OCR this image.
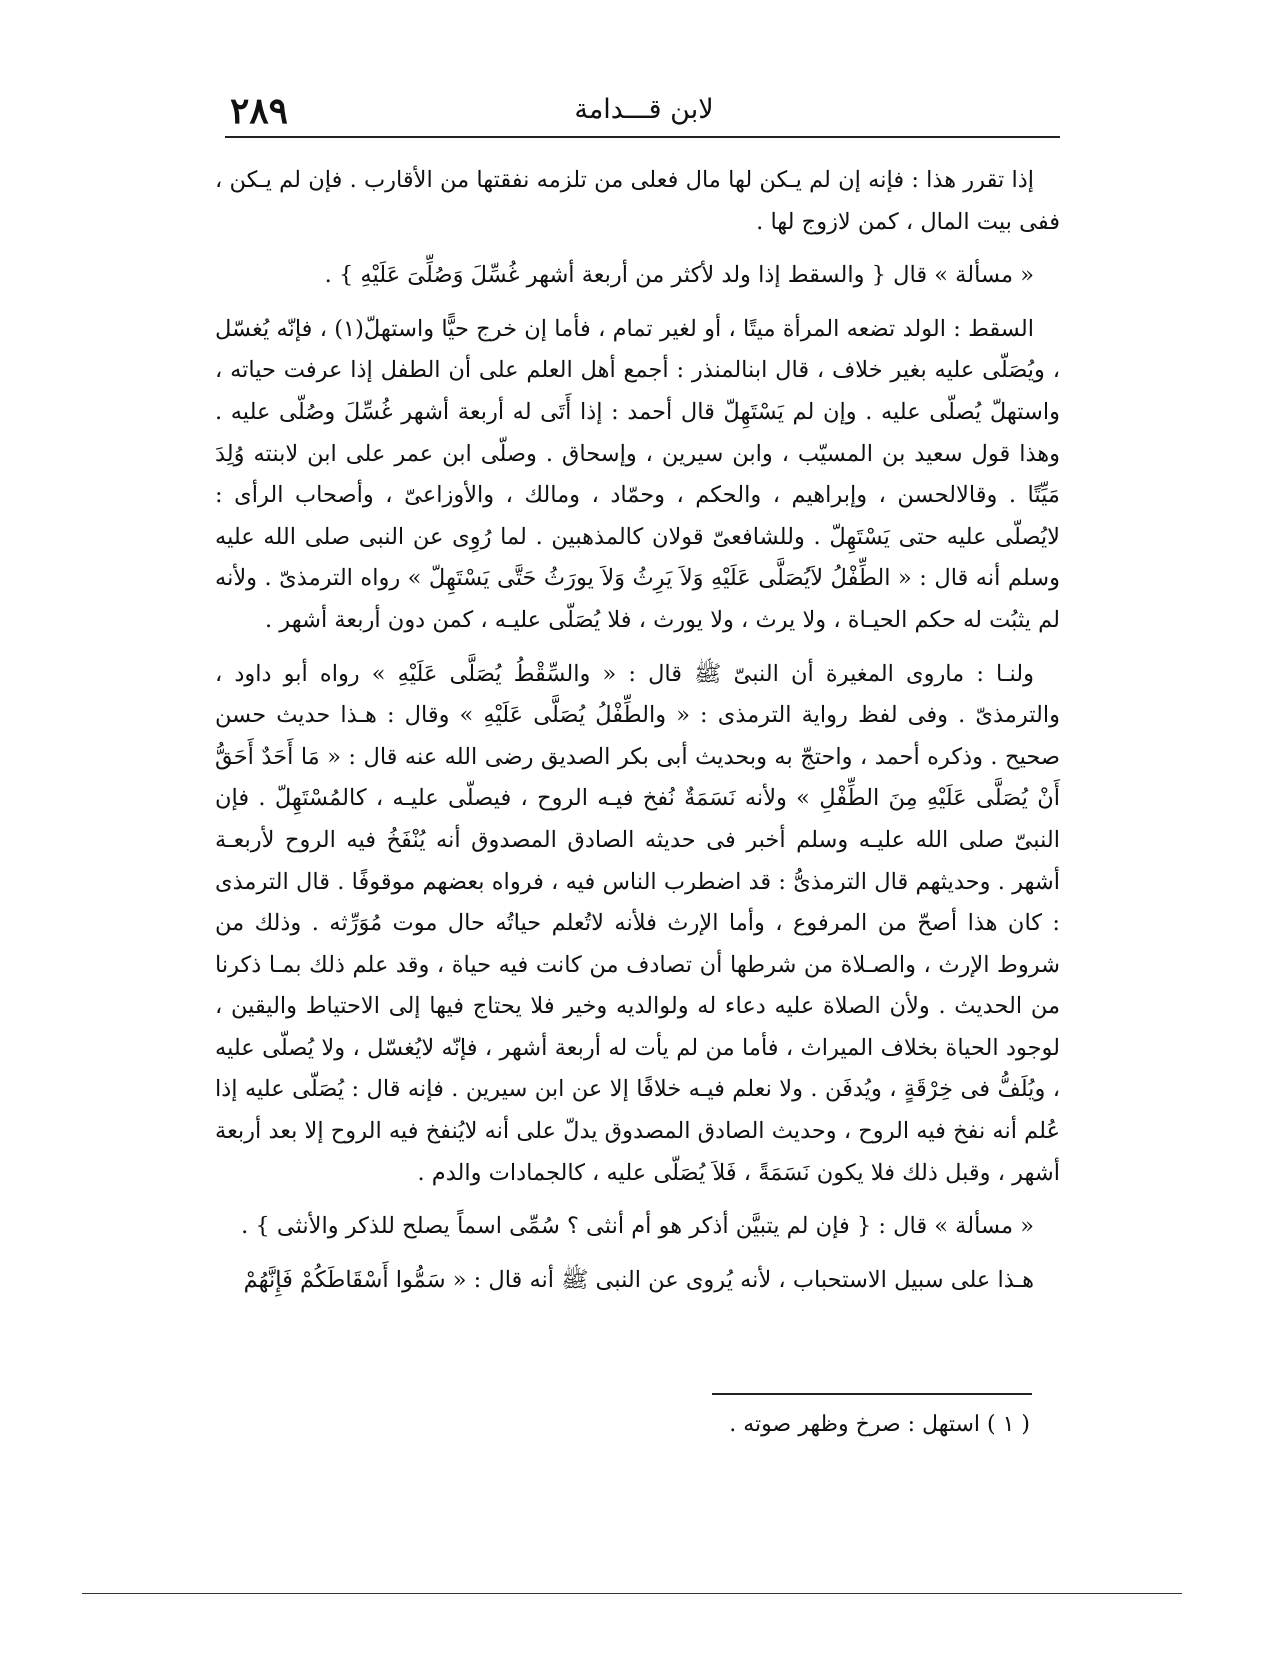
٢٨٩	لابن قـــدامة

إذا تقرر هذا : فإنه إن لم يـكن لها مال فعلى من تلزمه نفقتها من الأقارب . فإن لم يـكن ، ففى بيت المال ، كمن لازوج لها .

« مسألة » قال { والسقط إذا ولد لأكثر من أربعة أشهر غُسِّلَ وَصُلِّىَ عَلَيْهِ } .

السقط : الولد تضعه المرأة ميتًا ، أو لغير تمام ، فأما إن خرج حيًّا واستهلّ(١) ، فإنّه يُغسّل ، ويُصَلّى عليه بغير خلاف ، قال ابنالمنذر : أجمع أهل العلم على أن الطفل إذا عرفت حياته ، واستهلّ يُصلّى عليه . وإن لم يَسْتَهِلّ قال أحمد : إذا أَتَى له أربعة أشهر غُسِّلَ وصُلّى عليه . وهذا قول سعيد بن المسيّب ، وابن سيرين ، وإسحاق . وصلّى ابن عمر على ابن لابنته وُلِدَ مَيِّتًا . وقالالحسن ، وإبراهيم ، والحكم ، وحمّاد ، ومالك ، والأوزاعىّ ، وأصحاب الرأى : لايُصلّى عليه حتى يَسْتَهِلّ . وللشافعىّ قولان كالمذهبين . لما رُوِى عن النبى صلى الله عليه وسلم أنه قال : « الطِّفْلُ لاَيُصَلَّى عَلَيْهِ وَلاَ يَرِثُ وَلاَ يورَثُ حَتَّى يَسْتَهِلّ » رواه الترمذىّ . ولأنه لم يثبُت له حكم الحيـاة ، ولا يرث ، ولا يورث ، فلا يُصَلّى عليـه ، كمن دون أربعة أشهر .

ولنـا : ماروى المغيرة أن النبىّ ﷺ قال : « والسِّقْطُ يُصَلَّى عَلَيْهِ » رواه أبو داود ، والترمذىّ . وفى لفظ رواية الترمذى : « والطِّفْلُ يُصَلَّى عَلَيْهِ » وقال : هـذا حديث حسن صحيح . وذكره أحمد ، واحتجّ به وبحديث أبى بكر الصديق رضى الله عنه قال : « مَا أَحَدٌ أَحَقُّ أَنْ يُصَلَّى عَلَيْهِ مِنَ الطِّفْلِ » ولأنه نَسَمَةٌ نُفخ فيـه الروح ، فيصلّى عليـه ، كالمُسْتَهِلّ . فإن النبىّ صلى الله عليـه وسلم أخبر فى حديثه الصادق المصدوق أنه يُنْفَخُ فيه الروح لأربعـة أشهر . وحديثهم قال الترمذىُّ : قد اضطرب الناس فيه ، فرواه بعضهم موقوفًا . قال الترمذى : كان هذا أصحّ من المرفوع ، وأما الإرث فلأنه لاتُعلم حياتُه حال موت مُوَرِّثه . وذلك من شروط الإرث ، والصـلاة من شرطها أن تصادف من كانت فيه حياة ، وقد علم ذلك بمـا ذكرنا من الحديث . ولأن الصلاة عليه دعاء له ولوالديه وخير فلا يحتاج فيها إلى الاحتياط واليقين ، لوجود الحياة بخلاف الميراث ، فأما من لم يأت له أربعة أشهر ، فإنّه لايُغسّل ، ولا يُصلّى عليه ، ويُلَفُّ فى خِرْقَةٍ ، ويُدفَن . ولا نعلم فيـه خلافًا إلا عن ابن سيرين . فإنه قال : يُصَلّى عليه إذا عُلم أنه نفخ فيه الروح ، وحديث الصادق المصدوق يدلّ على أنه لايُنفخ فيه الروح إلا بعد أربعة أشهر ، وقبل ذلك فلا يكون نَسَمَةً ، فَلاَ يُصَلّى عليه ، كالجمادات والدم .

« مسألة » قال : { فإن لم يتبيَّن أذكر هو أم أنثى ؟ سُمِّى اسماً يصلح للذكر والأنثى } .

هـذا على سبيل الاستحباب ، لأنه يُروى عن النبى ﷺ أنه قال : « سَمُّوا أَسْقَاطَكُمْ فَإِنَّهُمْ

( ١ ) استهل : صرخ وظهر صوته .
